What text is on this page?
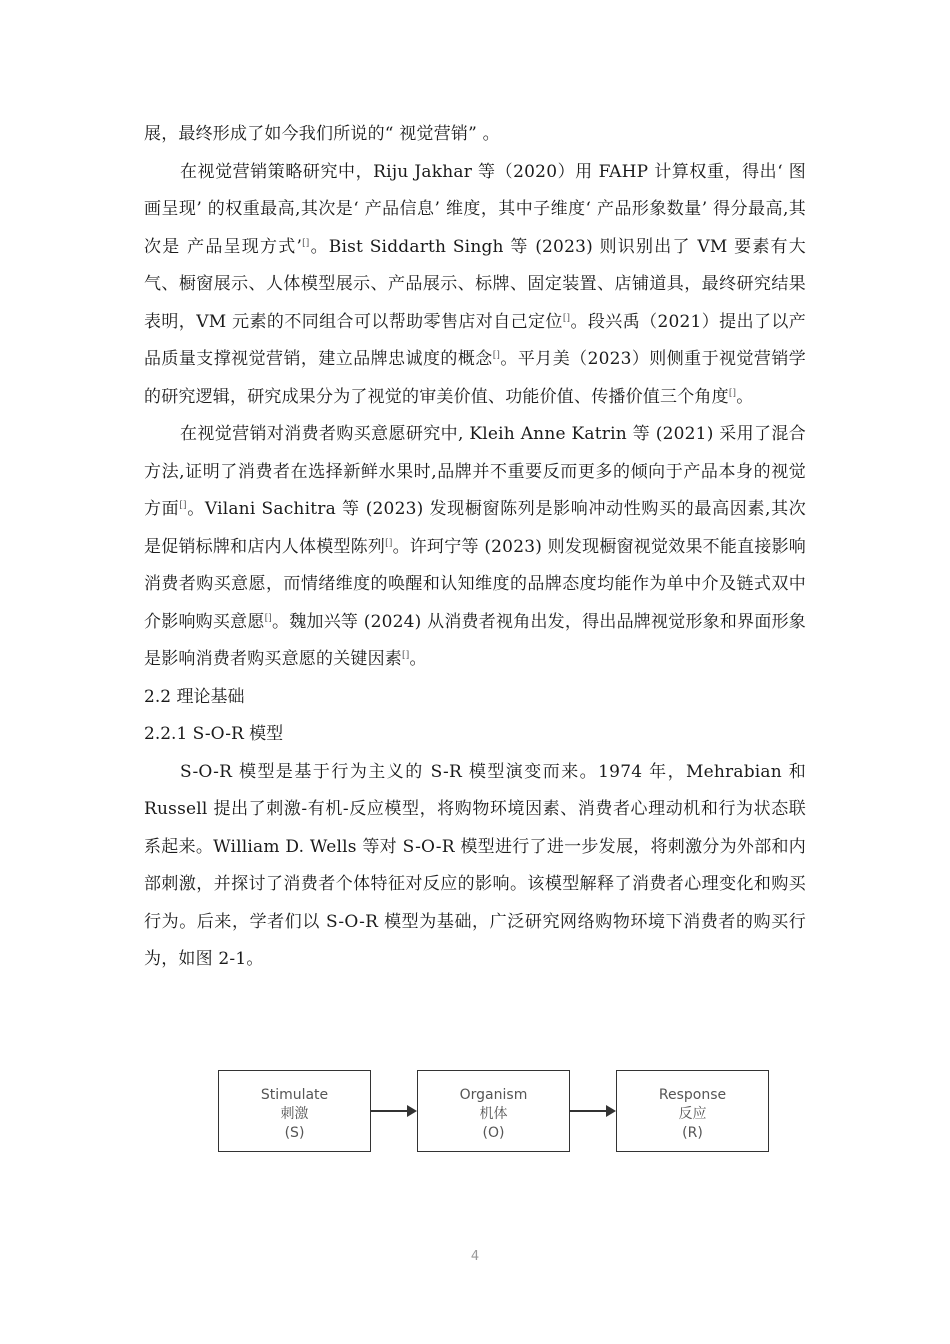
展，最终形成了如今我们所说的“ 视觉营销” 。

在视觉营销策略研究中，Riju Jakhar 等（2020）用 FAHP 计算权重，得出‘ 图画呈现’ 的权重最高,其次是‘ 产品信息’ 维度，其中子维度‘ 产品形象数量’ 得分最高,其次是 产品呈现方式’[]。Bist Siddarth Singh 等 (2023) 则识别出了 VM 要素有大气、橱窗展示、人体模型展示、产品展示、标牌、固定装置、店铺道具，最终研究结果表明，VM 元素的不同组合可以帮助零售店对自己定位[]。段兴禹（2021）提出了以产品质量支撑视觉营销，建立品牌忠诚度的概念[]。平月美（2023）则侧重于视觉营销学的研究逻辑，研究成果分为了视觉的审美价值、功能价值、传播价值三个角度[]。

在视觉营销对消费者购买意愿研究中, Kleih Anne Katrin 等 (2021) 采用了混合方法,证明了消费者在选择新鲜水果时,品牌并不重要反而更多的倾向于产品本身的视觉方面[]。Vilani Sachitra 等 (2023) 发现橱窗陈列是影响冲动性购买的最高因素,其次是促销标牌和店内人体模型陈列[]。许珂宁等 (2023) 则发现橱窗视觉效果不能直接影响消费者购买意愿，而情绪维度的唤醒和认知维度的品牌态度均能作为单中介及链式双中介影响购买意愿[]。魏加兴等 (2024) 从消费者视角出发，得出品牌视觉形象和界面形象是影响消费者购买意愿的关键因素[]。

2.2 理论基础

2.2.1 S-O-R 模型

S-O-R 模型是基于行为主义的 S-R 模型演变而来。1974 年，Mehrabian 和 Russell 提出了刺激-有机-反应模型，将购物环境因素、消费者心理动机和行为状态联系起来。William D. Wells 等对 S-O-R 模型进行了进一步发展，将刺激分为外部和内部刺激，并探讨了消费者个体特征对反应的影响。该模型解释了消费者心理变化和购买行为。后来，学者们以 S-O-R 模型为基础，广泛研究网络购物环境下消费者的购买行为，如图 2-1。

Stimulate
刺激
(S)
Organism
机体
(O)
Response
反应
(R)
4
